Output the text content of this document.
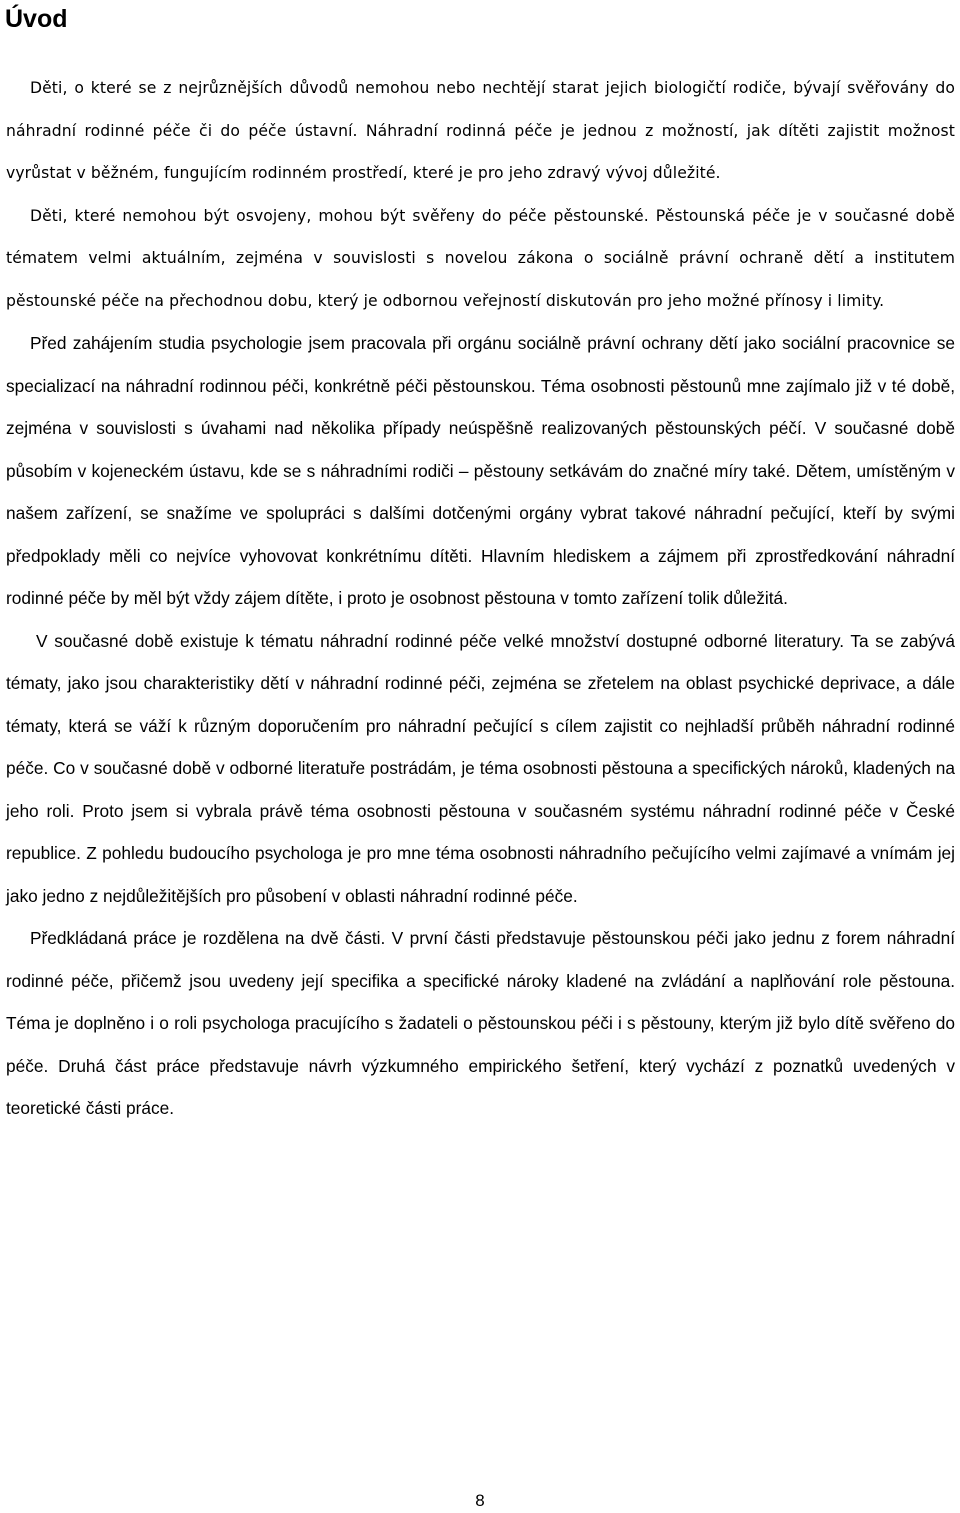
Úvod

Děti, o které se z nejrůznějších důvodů nemohou nebo nechtějí starat jejich biologičtí rodiče, bývají svěřovány do náhradní rodinné péče či do péče ústavní. Náhradní rodinná péče je jednou z možností, jak dítěti zajistit možnost vyrůstat v běžném, fungujícím rodinném prostředí, které je pro jeho zdravý vývoj důležité.

Děti, které nemohou být osvojeny, mohou být svěřeny do péče pěstounské. Pěstounská péče je v současné době tématem velmi aktuálním, zejména v souvislosti s novelou zákona o sociálně právní ochraně dětí a institutem pěstounské péče na přechodnou dobu, který je odbornou veřejností diskutován pro jeho možné přínosy i limity.

Před zahájením studia psychologie jsem pracovala při orgánu sociálně právní ochrany dětí jako sociální pracovnice se specializací na náhradní rodinnou péči, konkrétně péči pěstounskou. Téma osobnosti pěstounů mne zajímalo již v té době, zejména v souvislosti s úvahami nad několika případy neúspěšně realizovaných pěstounských péčí. V současné době působím v kojeneckém ústavu, kde se s náhradními rodiči – pěstouny setkávám do značné míry také. Dětem, umístěným v našem zařízení, se snažíme ve spolupráci s dalšími dotčenými orgány vybrat takové náhradní pečující, kteří by svými předpoklady měli co nejvíce vyhovovat konkrétnímu dítěti. Hlavním hlediskem a zájmem při zprostředkování náhradní rodinné péče by měl být vždy zájem dítěte, i proto je osobnost pěstouna v tomto zařízení tolik důležitá.

V současné době existuje k tématu náhradní rodinné péče velké množství dostupné odborné literatury. Ta se zabývá tématy, jako jsou charakteristiky dětí v náhradní rodinné péči, zejména se zřetelem na oblast psychické deprivace, a dále tématy, která se váží k různým doporučením pro náhradní pečující s cílem zajistit co nejhladší průběh náhradní rodinné péče. Co v současné době v odborné literatuře postrádám, je téma osobnosti pěstouna a specifických nároků, kladených na jeho roli. Proto jsem si vybrala právě téma osobnosti pěstouna v současném systému náhradní rodinné péče v České republice. Z pohledu budoucího psychologa je pro mne téma osobnosti náhradního pečujícího velmi zajímavé a vnímám jej jako jedno z nejdůležitějších pro působení v oblasti náhradní rodinné péče.

Předkládaná práce je rozdělena na dvě části. V první části představuje pěstounskou péči jako jednu z forem náhradní rodinné péče, přičemž jsou uvedeny její specifika a specifické nároky kladené na zvládání a naplňování role pěstouna. Téma je doplněno i o roli psychologa pracujícího s žadateli o pěstounskou péči i s pěstouny, kterým již bylo dítě svěřeno do péče. Druhá část práce představuje návrh výzkumného empirického šetření, který vychází z poznatků uvedených v teoretické části práce.

8
